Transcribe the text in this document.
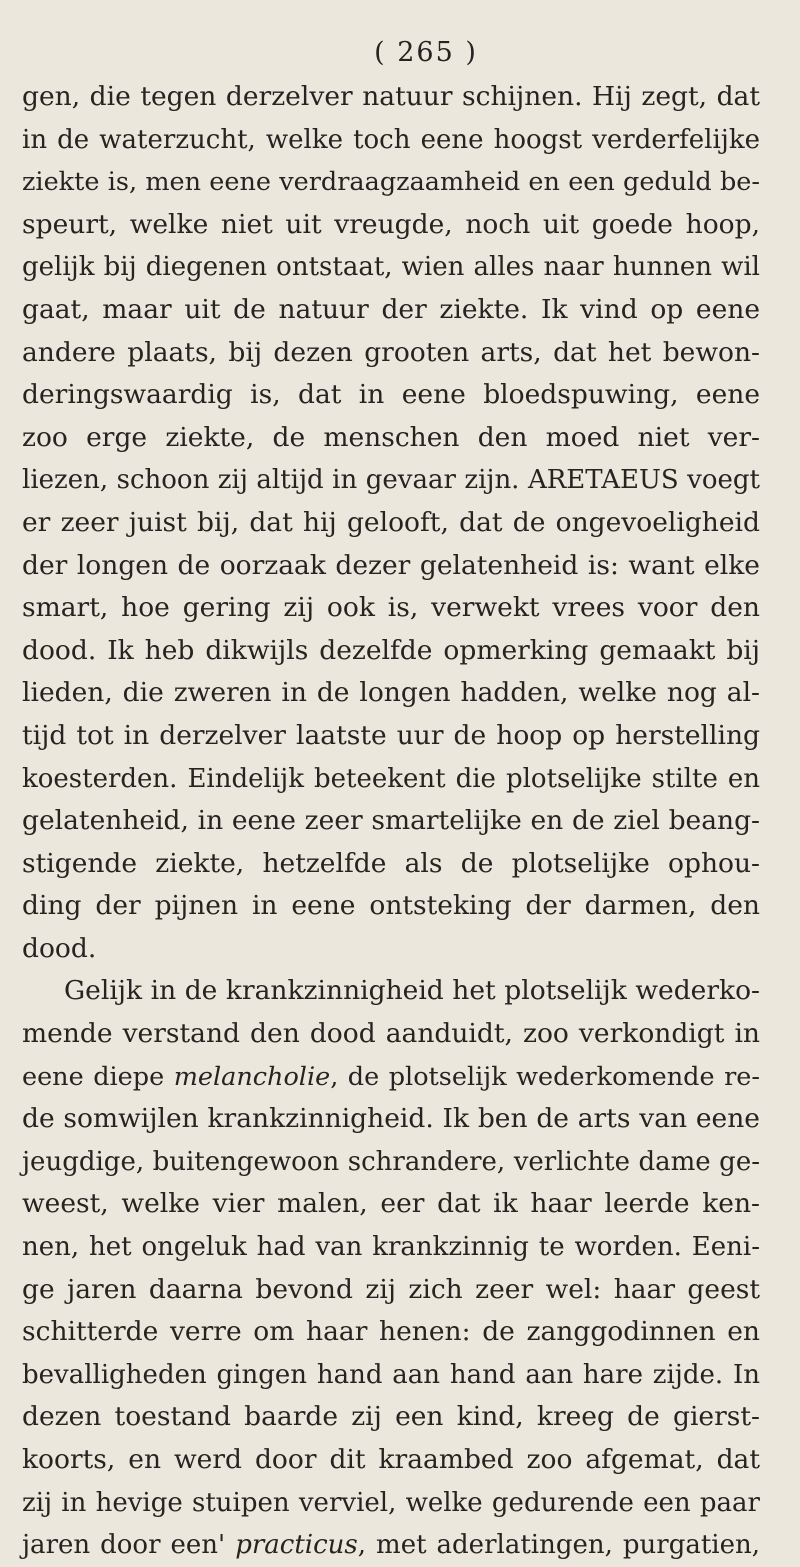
( 265 )
gen, die tegen derzelver natuur schijnen. Hij zegt, dat
in de waterzucht, welke toch eene hoogst verderfelijke
ziekte is, men eene verdraagzaamheid en een geduld be-
speurt, welke niet uit vreugde, noch uit goede hoop,
gelijk bij diegenen ontstaat, wien alles naar hunnen wil
gaat, maar uit de natuur der ziekte. Ik vind op eene
andere plaats, bij dezen grooten arts, dat het bewon-
deringswaardig is, dat in eene bloedspuwing, eene
zoo erge ziekte, de menschen den moed niet ver-
liezen, schoon zij altijd in gevaar zijn. ARETAEUS voegt
er zeer juist bij, dat hij gelooft, dat de ongevoeligheid
der longen de oorzaak dezer gelatenheid is: want elke
smart, hoe gering zij ook is, verwekt vrees voor den
dood. Ik heb dikwijls dezelfde opmerking gemaakt bij
lieden, die zweren in de longen hadden, welke nog al-
tijd tot in derzelver laatste uur de hoop op herstelling
koesterden. Eindelijk beteekent die plotselijke stilte en
gelatenheid, in eene zeer smartelijke en de ziel beang-
stigende ziekte, hetzelfde als de plotselijke ophou-
ding der pijnen in eene ontsteking der darmen, den
dood.
Gelijk in de krankzinnigheid het plotselijk wederko-
mende verstand den dood aanduidt, zoo verkondigt in
eene diepe melancholie, de plotselijk wederkomende re-
de somwijlen krankzinnigheid. Ik ben de arts van eene
jeugdige, buitengewoon schrandere, verlichte dame ge-
weest, welke vier malen, eer dat ik haar leerde ken-
nen, het ongeluk had van krankzinnig te worden. Eeni-
ge jaren daarna bevond zij zich zeer wel: haar geest
schitterde verre om haar henen: de zanggodinnen en
bevalligheden gingen hand aan hand aan hare zijde. In
dezen toestand baarde zij een kind, kreeg de gierst-
koorts, en werd door dit kraambed zoo afgemat, dat
zij in hevige stuipen verviel, welke gedurende een paar
jaren door een' practicus, met aderlatingen, purgatien,
